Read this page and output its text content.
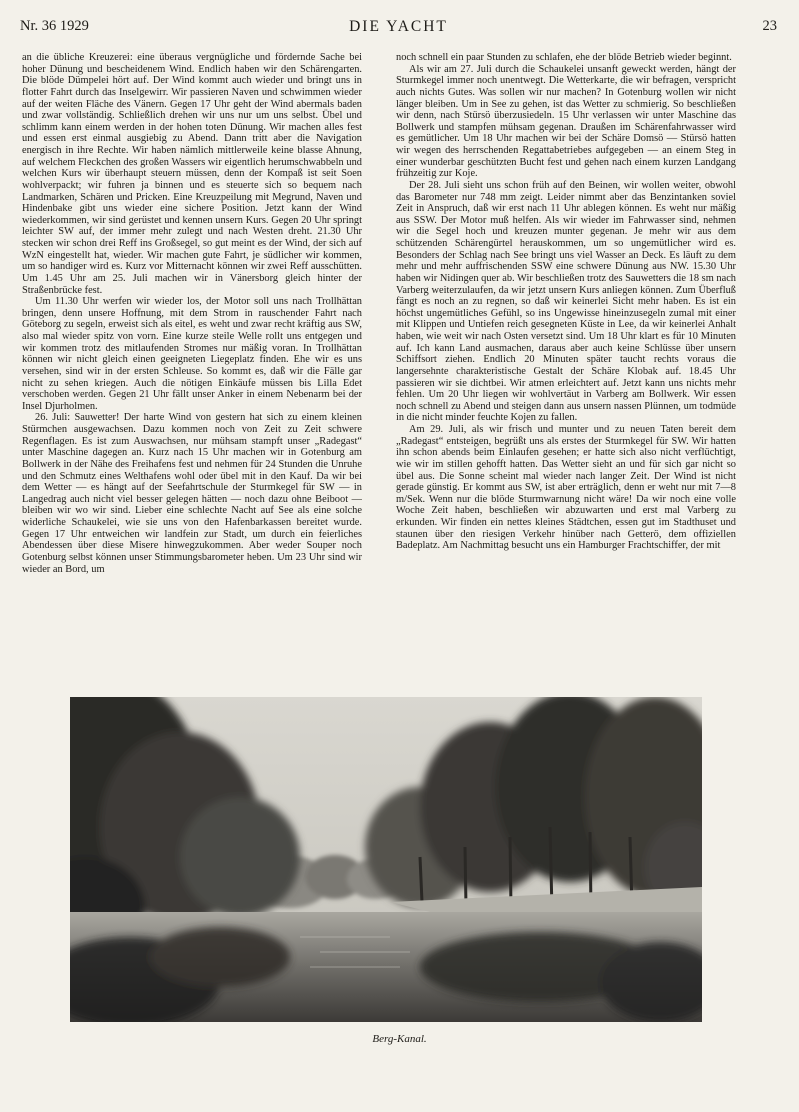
Nr. 36 1929	DIE YACHT	23

an die übliche Kreuzerei: eine überaus vergnügliche und fördernde Sache bei hoher Dünung und bescheidenem Wind. Endlich haben wir den Schärengarten. Die blöde Dümpelei hört auf. Der Wind kommt auch wieder und bringt uns in flotter Fahrt durch das Inselgewirr. Wir passieren Naven und schwimmen wieder auf der weiten Fläche des Vänern. Gegen 17 Uhr geht der Wind abermals baden und zwar vollständig. Schließlich drehen wir uns nur um uns selbst. Übel und schlimm kann einem werden in der hohen toten Dünung. Wir machen alles fest und essen erst einmal ausgiebig zu Abend. Dann tritt aber die Navigation energisch in ihre Rechte. Wir haben nämlich mittlerweile keine blasse Ahnung, auf welchem Fleckchen des großen Wassers wir eigentlich herumschwabbeln und welchen Kurs wir überhaupt steuern müssen, denn der Kompaß ist seit Soen wohlverpackt; wir fuhren ja binnen und es steuerte sich so bequem nach Landmarken, Schären und Pricken. Eine Kreuzpeilung mit Megrund, Naven und Hindenbake gibt uns wieder eine sichere Position. Jetzt kann der Wind wiederkommen, wir sind gerüstet und kennen unsern Kurs. Gegen 20 Uhr springt leichter SW auf, der immer mehr zulegt und nach Westen dreht. 21.30 Uhr stecken wir schon drei Reff ins Großsegel, so gut meint es der Wind, der sich auf WzN eingestellt hat, wieder. Wir machen gute Fahrt, je südlicher wir kommen, um so handiger wird es. Kurz vor Mitternacht können wir zwei Reff ausschütten. Um 1.45 Uhr am 25. Juli machen wir in Vänersborg gleich hinter der Straßenbrücke fest.

Um 11.30 Uhr werfen wir wieder los, der Motor soll uns nach Trollhättan bringen, denn unsere Hoffnung, mit dem Strom in rauschender Fahrt nach Göteborg zu segeln, erweist sich als eitel, es weht und zwar recht kräftig aus SW, also mal wieder spitz von vorn. Eine kurze steile Welle rollt uns entgegen und wir kommen trotz des mitlaufenden Stromes nur mäßig voran. In Trollhättan können wir nicht gleich einen geeigneten Liegeplatz finden. Ehe wir es uns versehen, sind wir in der ersten Schleuse. So kommt es, daß wir die Fälle gar nicht zu sehen kriegen. Auch die nötigen Einkäufe müssen bis Lilla Edet verschoben werden. Gegen 21 Uhr fällt unser Anker in einem Nebenarm bei der Insel Djurholmen.

26. Juli: Sauwetter! Der harte Wind von gestern hat sich zu einem kleinen Stürmchen ausgewachsen. Dazu kommen noch von Zeit zu Zeit schwere Regenflagen. Es ist zum Auswachsen, nur mühsam stampft unser „Radegast“ unter Maschine dagegen an. Kurz nach 15 Uhr machen wir in Gotenburg am Bollwerk in der Nähe des Freihafens fest und nehmen für 24 Stunden die Unruhe und den Schmutz eines Welthafens wohl oder übel mit in den Kauf. Da wir bei dem Wetter — es hängt auf der Seefahrtschule der Sturmkegel für SW — in Langedrag auch nicht viel besser gelegen hätten — noch dazu ohne Beiboot — bleiben wir wo wir sind. Lieber eine schlechte Nacht auf See als eine solche widerliche Schaukelei, wie sie uns von den Hafenbarkassen bereitet wurde. Gegen 17 Uhr entweichen wir landfein zur Stadt, um durch ein feierliches Abendessen über diese Misere hinwegzukommen. Aber weder Souper noch Gotenburg selbst können unser Stimmungsbarometer heben. Um 23 Uhr sind wir wieder an Bord, um

noch schnell ein paar Stunden zu schlafen, ehe der blöde Betrieb wieder beginnt.

Als wir am 27. Juli durch die Schaukelei unsanft geweckt werden, hängt der Sturmkegel immer noch unentwegt. Die Wetterkarte, die wir befragen, verspricht auch nichts Gutes. Was sollen wir nur machen? In Gotenburg wollen wir nicht länger bleiben. Um in See zu gehen, ist das Wetter zu schmierig. So beschließen wir denn, nach Stürsö überzusiedeln. 15 Uhr verlassen wir unter Maschine das Bollwerk und stampfen mühsam gegenan. Draußen im Schärenfahrwasser wird es gemütlicher. Um 18 Uhr machen wir bei der Schäre Domsö — Stürsö hatten wir wegen des herrschenden Regattabetriebes aufgegeben — an einem Steg in einer wunderbar geschützten Bucht fest und gehen nach einem kurzen Landgang frühzeitig zur Koje.

Der 28. Juli sieht uns schon früh auf den Beinen, wir wollen weiter, obwohl das Barometer nur 748 mm zeigt. Leider nimmt aber das Benzintanken soviel Zeit in Anspruch, daß wir erst nach 11 Uhr ablegen können. Es weht nur mäßig aus SSW. Der Motor muß helfen. Als wir wieder im Fahrwasser sind, nehmen wir die Segel hoch und kreuzen munter gegenan. Je mehr wir aus dem schützenden Schärengürtel herauskommen, um so ungemütlicher wird es. Besonders der Schlag nach See bringt uns viel Wasser an Deck. Es läuft zu dem mehr und mehr auffrischenden SSW eine schwere Dünung aus NW. 15.30 Uhr haben wir Nidingen quer ab. Wir beschließen trotz des Sauwetters die 18 sm nach Varberg weiterzulaufen, da wir jetzt unsern Kurs anliegen können. Zum Überfluß fängt es noch an zu regnen, so daß wir keinerlei Sicht mehr haben. Es ist ein höchst ungemütliches Gefühl, so ins Ungewisse hineinzusegeln zumal mit einer mit Klippen und Untiefen reich gesegneten Küste in Lee, da wir keinerlei Anhalt haben, wie weit wir nach Osten versetzt sind. Um 18 Uhr klart es für 10 Minuten auf. Ich kann Land ausmachen, daraus aber auch keine Schlüsse über unsern Schiffsort ziehen. Endlich 20 Minuten später taucht rechts voraus die langersehnte charakteristische Gestalt der Schäre Klobak auf. 18.45 Uhr passieren wir sie dichtbei. Wir atmen erleichtert auf. Jetzt kann uns nichts mehr fehlen. Um 20 Uhr liegen wir wohlvertäut in Varberg am Bollwerk. Wir essen noch schnell zu Abend und steigen dann aus unsern nassen Plünnen, um todmüde in die nicht minder feuchte Kojen zu fallen.

Am 29. Juli, als wir frisch und munter und zu neuen Taten bereit dem „Radegast“ entsteigen, begrüßt uns als erstes der Sturmkegel für SW. Wir hatten ihn schon abends beim Einlaufen gesehen; er hatte sich also nicht verflüchtigt, wie wir im stillen gehofft hatten. Das Wetter sieht an und für sich gar nicht so übel aus. Die Sonne scheint mal wieder nach langer Zeit. Der Wind ist nicht gerade günstig. Er kommt aus SW, ist aber erträglich, denn er weht nur mit 7—8 m/Sek. Wenn nur die blöde Sturmwarnung nicht wäre! Da wir noch eine volle Woche Zeit haben, beschließen wir abzuwarten und erst mal Varberg zu erkunden. Wir finden ein nettes kleines Städtchen, essen gut im Stadthuset und staunen über den riesigen Verkehr hinüber nach Getterö, dem offiziellen Badeplatz. Am Nachmittag besucht uns ein Hamburger Frachtschiffer, der mit

Berg-Kanal.
